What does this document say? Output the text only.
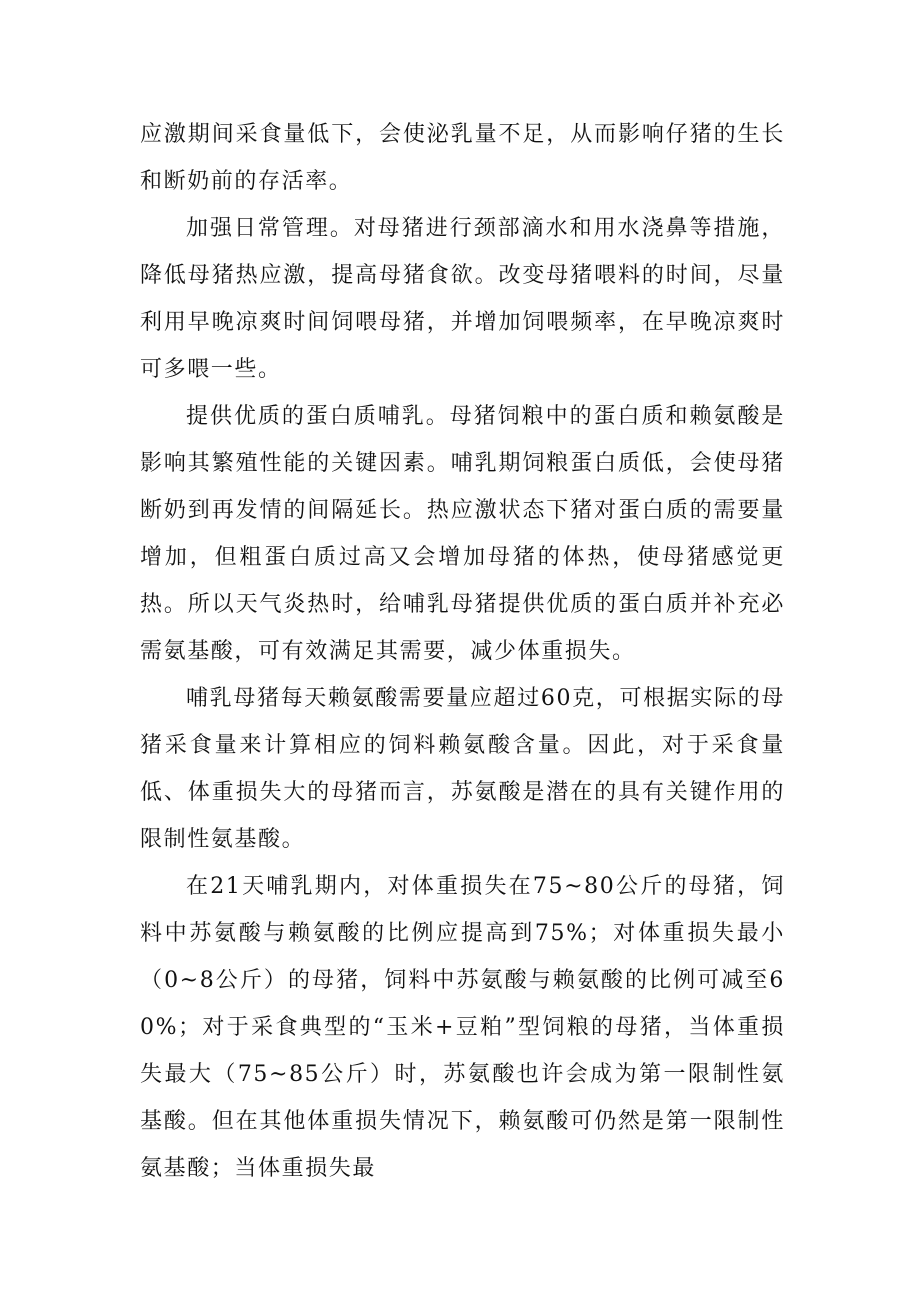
应激期间采食量低下，会使泌乳量不足，从而影响仔猪的生长和断奶前的存活率。

加强日常管理。对母猪进行颈部滴水和用水浇鼻等措施，降低母猪热应激，提高母猪食欲。改变母猪喂料的时间，尽量利用早晚凉爽时间饲喂母猪，并增加饲喂频率，在早晚凉爽时可多喂一些。

提供优质的蛋白质哺乳。母猪饲粮中的蛋白质和赖氨酸是影响其繁殖性能的关键因素。哺乳期饲粮蛋白质低，会使母猪断奶到再发情的间隔延长。热应激状态下猪对蛋白质的需要量增加，但粗蛋白质过高又会增加母猪的体热，使母猪感觉更热。所以天气炎热时，给哺乳母猪提供优质的蛋白质并补充必需氨基酸，可有效满足其需要，减少体重损失。

哺乳母猪每天赖氨酸需要量应超过60克，可根据实际的母猪采食量来计算相应的饲料赖氨酸含量。因此，对于采食量低、体重损失大的母猪而言，苏氨酸是潜在的具有关键作用的限制性氨基酸。

在21天哺乳期内，对体重损失在75~80公斤的母猪，饲料中苏氨酸与赖氨酸的比例应提高到75%；对体重损失最小（0~8公斤）的母猪，饲料中苏氨酸与赖氨酸的比例可减至60%；对于采食典型的“玉米+豆粕”型饲粮的母猪，当体重损失最大（75~85公斤）时，苏氨酸也许会成为第一限制性氨基酸。但在其他体重损失情况下，赖氨酸可仍然是第一限制性氨基酸；当体重损失最
